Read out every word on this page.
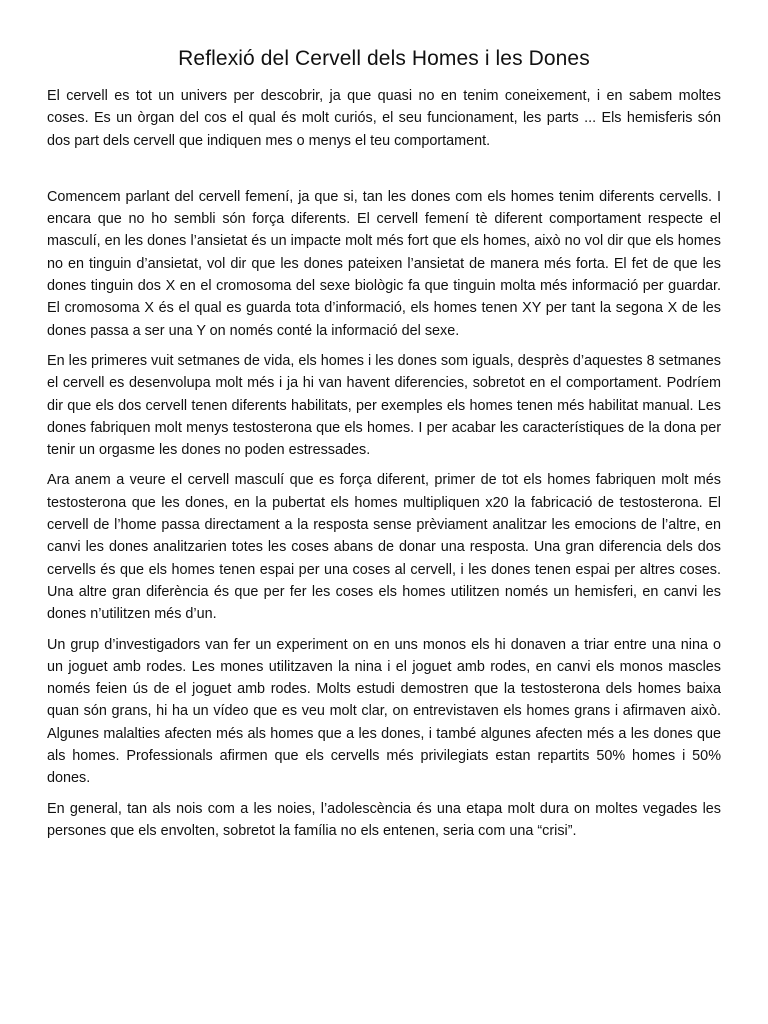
Reflexió del Cervell dels Homes i les Dones

El cervell es tot un univers per descobrir, ja que quasi no en tenim coneixement, i en sabem moltes coses. Es un òrgan del cos el qual és molt curiós, el seu funcionament, les parts ... Els hemisferis són dos part dels cervell que indiquen mes o menys el teu comportament.

Comencem parlant del cervell femení, ja que si, tan les dones com els homes tenim diferents cervells. I encara que no ho sembli són força diferents. El cervell femení tè diferent comportament respecte el masculí, en les dones l’ansietat és un impacte molt més fort que els homes, això no vol dir que els homes no en tinguin d’ansietat, vol dir que les dones pateixen l’ansietat de manera més forta. El fet de que les dones tinguin dos X en el cromosoma del sexe biològic fa que tinguin molta més informació per guardar. El cromosoma X és el qual es guarda tota d’informació, els homes tenen XY per tant la segona X de les dones passa a ser una Y on només conté la informació del sexe.

En les primeres vuit setmanes de vida, els homes i les dones som iguals, desprès d’aquestes 8 setmanes el cervell es desenvolupa molt més i ja hi van havent diferencies, sobretot en el comportament. Podríem dir que els dos cervell tenen diferents habilitats, per exemples els homes tenen més habilitat manual. Les dones fabriquen molt menys testosterona que els homes. I per acabar les característiques de la dona per tenir un orgasme les dones no poden estressades.

Ara anem a veure el cervell masculí que es força diferent, primer de tot els homes fabriquen molt més testosterona que les dones, en la pubertat els homes multipliquen x20 la fabricació de testosterona. El cervell de l’home passa directament a la resposta sense prèviament analitzar les emocions de l’altre, en canvi les dones analitzarien totes les coses abans de donar una resposta. Una gran diferencia dels dos cervells és que els homes tenen espai per una coses al cervell, i les dones tenen espai per altres coses. Una altre gran diferència és que per fer les coses els homes utilitzen només un hemisferi, en canvi les dones n’utilitzen més d’un.

Un grup d’investigadors van fer un experiment on en uns monos els hi donaven a triar entre una nina o un joguet amb rodes. Les mones utilitzaven la nina i el joguet amb rodes, en canvi els monos mascles només feien ús de el joguet amb rodes. Molts estudi demostren que la testosterona dels homes baixa quan són grans, hi ha un vídeo que es veu molt clar, on entrevistaven els homes grans i afirmaven això. Algunes malalties afecten més als homes que a les dones, i també algunes afecten més a les dones que als homes. Professionals afirmen que els cervells més privilegiats estan repartits 50% homes i 50% dones.

En general, tan als nois com a les noies, l’adolescència és una etapa molt dura on moltes vegades les persones que els envolten, sobretot la família no els entenen, seria com una “crisi”.
